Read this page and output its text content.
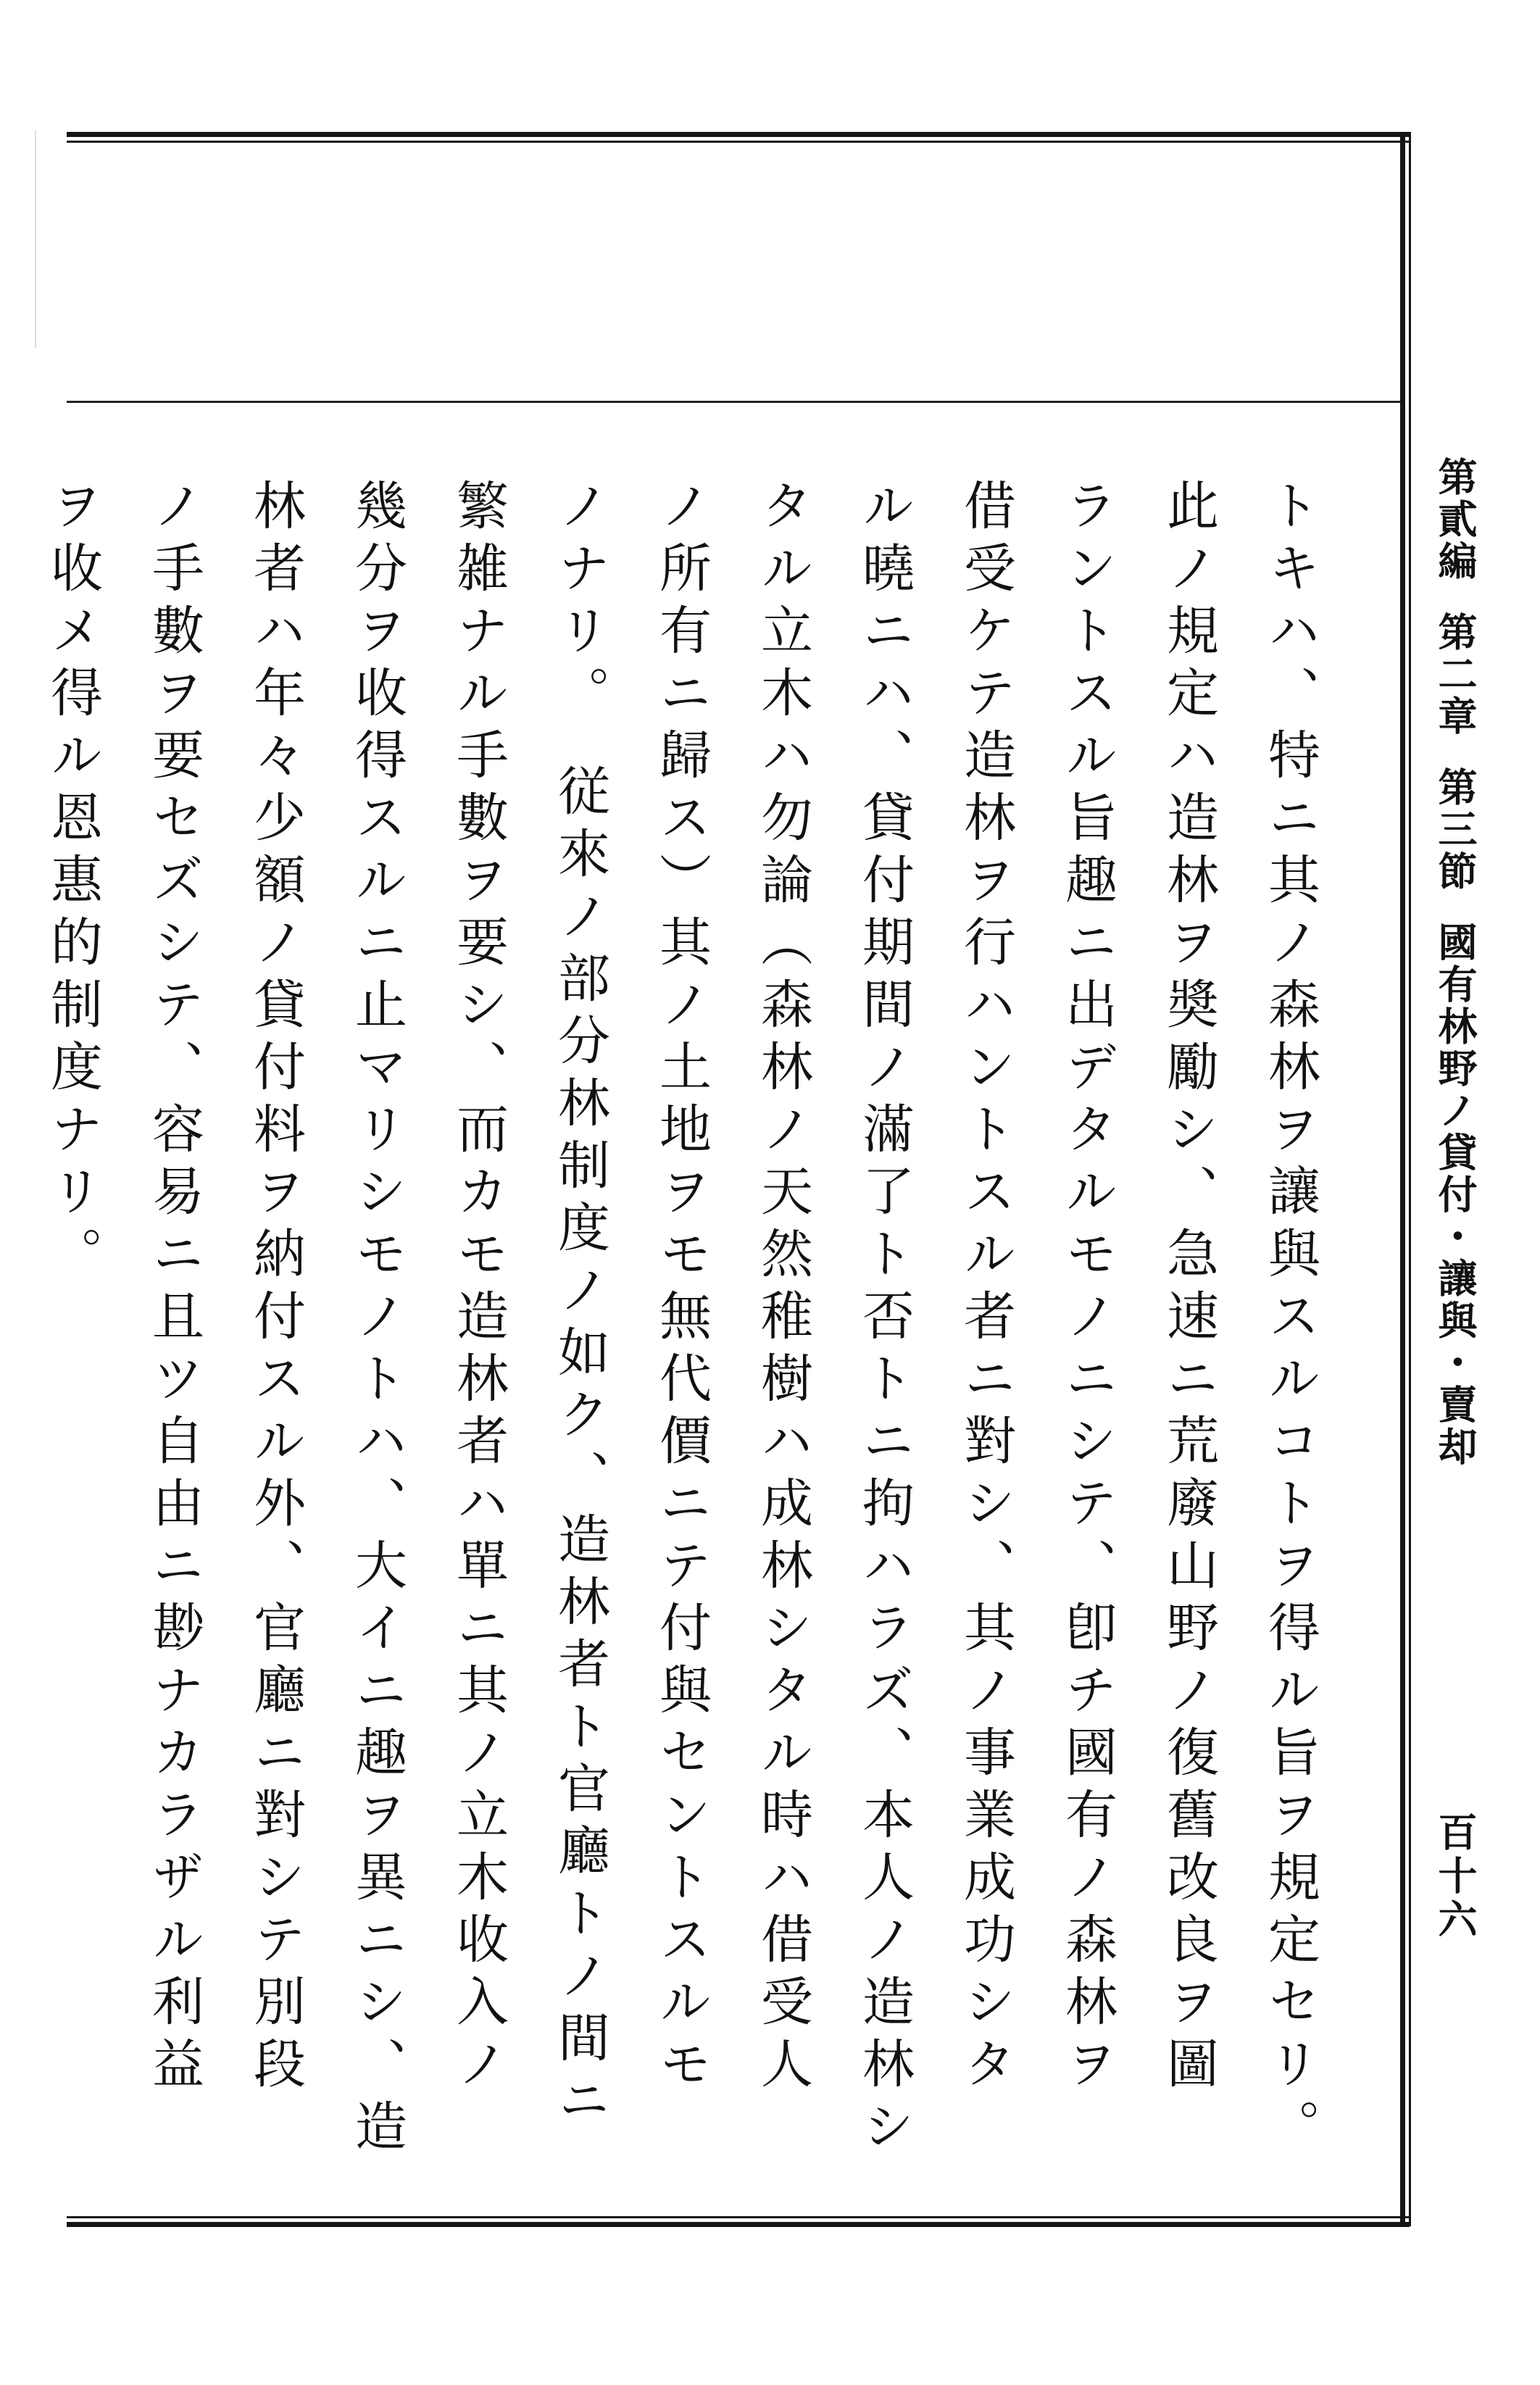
第貳編第二章第三節國有林野ノ貸付・讓與・賣却
百十六
トキハ、特ニ其ノ森林ヲ讓與スルコトヲ得ル旨ヲ規定セリ。
此ノ規定ハ造林ヲ奬勵シ、急速ニ荒廢山野ノ復舊改良ヲ圖
ラントスル旨趣ニ出デタルモノニシテ、卽チ國有ノ森林ヲ
借受ケテ造林ヲ行ハントスル者ニ對シ、其ノ事業成功シタ
ル曉ニハ、貸付期間ノ滿了ト否トニ拘ハラズ、本人ノ造林シ
タル立木ハ勿論（森林ノ天然稚樹ハ成林シタル時ハ借受人
ノ所有ニ歸ス）其ノ土地ヲモ無代價ニテ付與セントスルモ
ノナリ。　従來ノ部分林制度ノ如ク、造林者ト官廳トノ間ニ
繁雑ナル手數ヲ要シ、而カモ造林者ハ單ニ其ノ立木收入ノ
幾分ヲ收得スルニ止マリシモノトハ、大イニ趣ヲ異ニシ、造
林者ハ年々少額ノ貸付料ヲ納付スル外、官廳ニ對シテ別段
ノ手數ヲ要セズシテ、容易ニ且ツ自由ニ尠ナカラザル利益
ヲ收メ得ル恩惠的制度ナリ。
